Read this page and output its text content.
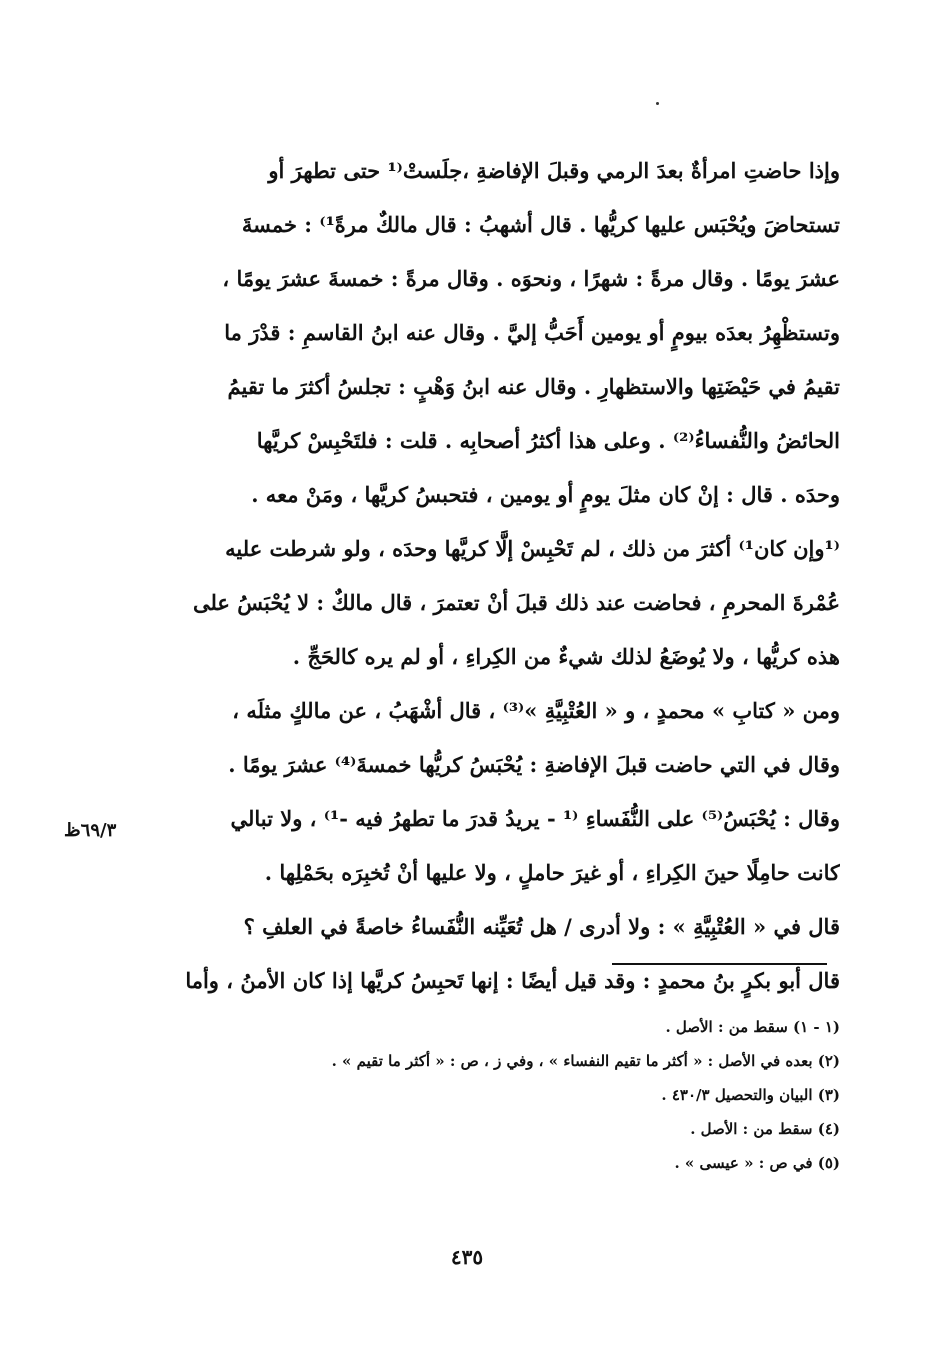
وإذا حاضتِ امرأةٌ بعدَ الرمي وقبلَ الإفاضةِ ،جلَستْ⁽¹ حتى تطهرَ أو
تستحاضَ ويُحْبَس عليها كريُّها . قال أشهبُ : قال مالكٌ مرةً¹⁾ : خمسةَ
عشرَ يومًا . وقال مرةً : شهرًا ، ونحوَه . وقال مرةً : خمسةَ عشرَ يومًا ،
وتستظْهِرُ بعدَه بيومٍ أو يومين أَحَبُّ إليَّ . وقال عنه ابنُ القاسمِ : قدْرَ ما
تقيمُ في حَيْضَتِها والاستظهارِ . وقال عنه ابنُ وَهْبٍ : تجلسُ أكثرَ ما تقيمُ
الحائضُ والنُّفساءُ⁽²⁾ . وعلى هذا أكثرُ أصحابِه . قلت : فلتَحْبِسْ كريَّها
وحدَه . قال : إنْ كان مثلَ يومٍ أو يومين ، فتحبسُ كريَّها ، ومَنْ معه .
⁽¹وإن كان¹⁾ أكثرَ من ذلك ، لم تَحْبِسْ إلَّا كريَّها وحدَه ، ولو شرطت عليه
عُمْرةَ المحرمِ ، فحاضت عند ذلك قبلَ أنْ تعتمرَ ، قال مالكٌ : لا يُحْبَسُ على
هذه كريُّها ، ولا يُوضَعُ لذلك شيءٌ من الكِراءِ ، أو لم يره كالحَجِّ .
ومن « كتابِ » محمدٍ ، و « العُتْبِيَّةِ »⁽³⁾ ، قال أشْهَبُ ، عن مالكٍ مثلَه ،
وقال في التي حاضت قبلَ الإفاضةِ : يُحْبَسُ كريُّها خمسةَ⁽⁴⁾ عشرَ يومًا .
وقال : يُحْبَسُ⁽⁵⁾ على النُّفَساءِ ⁽¹ - يريدُ قدرَ ما تطهرُ فيه -¹⁾ ، ولا تبالي
كانت حامِلًا حينَ الكِراءِ ، أو غيرَ حاملٍ ، ولا عليها أنْ تُخبِرَه بحَمْلِها .
قال في « العُتْبِيَّةِ » : ولا أدرى / هل تُعَيِّنه النُّفَساءُ خاصةً في العلفِ ؟
قال أبو بكرٍ بنُ محمدٍ : وقد قيل أيضًا : إنها تَحبِسُ كريَّها إذا كان الأمنُ ، وأما
٦٩/٣ظ
(١ - ١) سقط من : الأصل .
(٢) بعده في الأصل : « أكثر ما تقيم النفساء » ، وفي ز ، ص : « أكثر ما تقيم » .
(٣) البيان والتحصيل ٤٣٠/٣ .
(٤) سقط من : الأصل .
(٥) في ص : « عيسى » .
٤٣٥
